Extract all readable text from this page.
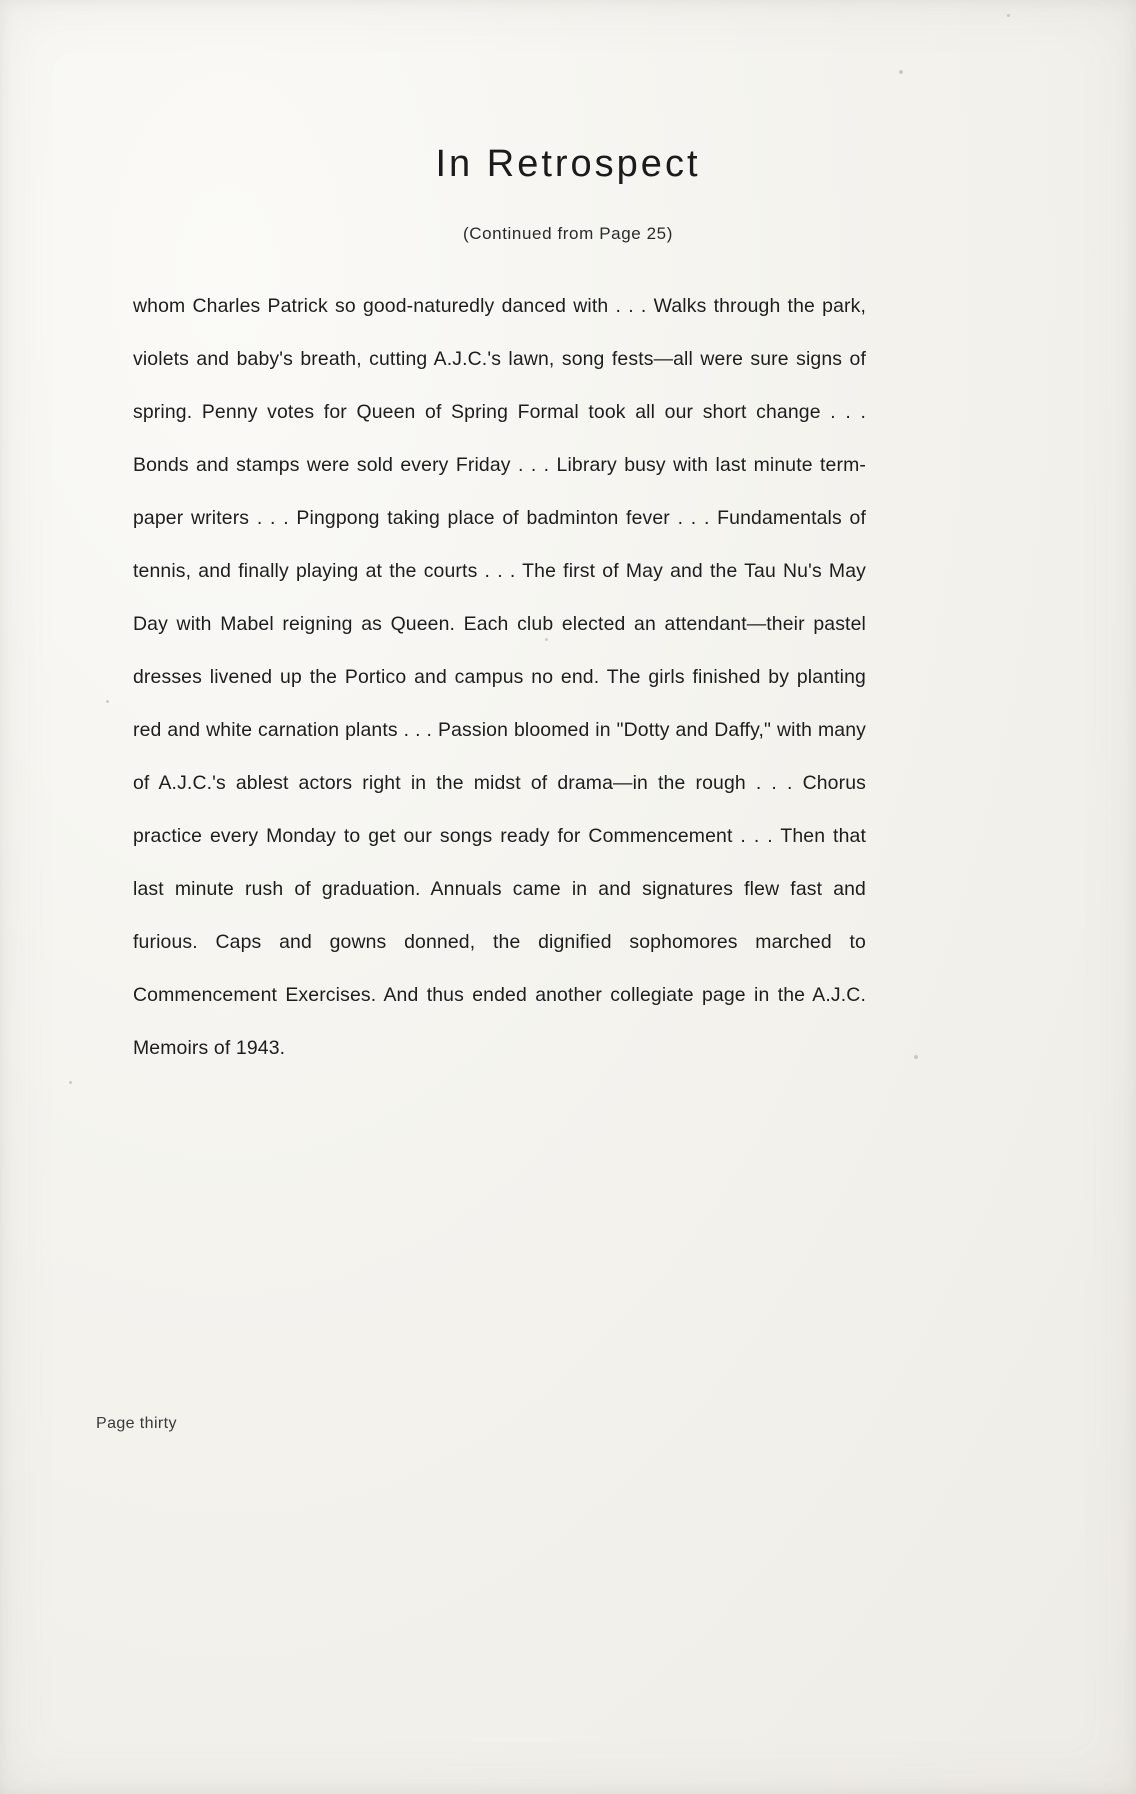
In Retrospect
(Continued from Page 25)

whom Charles Patrick so good-naturedly danced with . . . Walks through the park, violets and baby's breath, cutting A.J.C.'s lawn, song fests—all were sure signs of spring. Penny votes for Queen of Spring Formal took all our short change . . . Bonds and stamps were sold every Friday . . . Library busy with last minute term-paper writers . . . Pingpong taking place of badminton fever . . . Fundamentals of tennis, and finally playing at the courts . . . The first of May and the Tau Nu's May Day with Mabel reigning as Queen. Each club elected an attendant—their pastel dresses livened up the Portico and campus no end. The girls finished by planting red and white carnation plants . . . Passion bloomed in "Dotty and Daffy," with many of A.J.C.'s ablest actors right in the midst of drama—in the rough . . . Chorus practice every Monday to get our songs ready for Commencement . . . Then that last minute rush of graduation. Annuals came in and signatures flew fast and furious. Caps and gowns donned, the dignified sophomores marched to Commencement Exercises. And thus ended another collegiate page in the A.J.C. Memoirs of 1943.

Page thirty
